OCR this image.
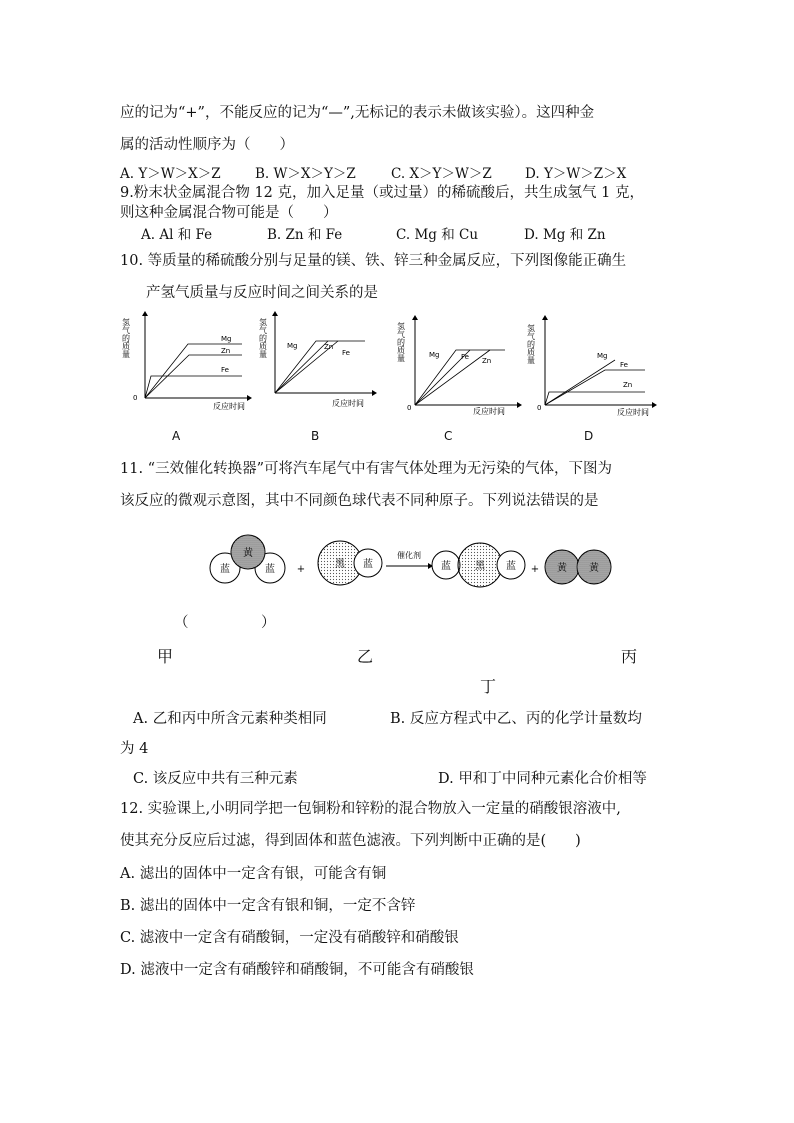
应的记为“+”，不能反应的记为“—”,无标记的表示未做该实验）。这四种金
属的活动性顺序为（　　）
A. Y＞W＞X＞Z	B. W＞X＞Y＞Z	C. X＞Y＞W＞Z D. Y＞W＞Z＞X
9.粉末状金属混合物 12 克，加入足量（或过量）的稀硫酸后，共生成氢气 1 克，
则这种金属混合物可能是（　　）
A. Al 和 Fe	B. Zn 和 Fe	C. Mg 和 Cu	D. Mg 和 Zn
10. 等质量的稀硫酸分别与足量的镁、铁、锌三种金属反应，下列图像能正确生
产氢气质量与反应时间之间关系的是
氢气的质量
0
反应时间
Mg
Zn
Fe
A
氢气的质量
反应时间
Mg	Zn
Fe
B
氢气的质量
0	反应时间
Mg	Fe Zn
C
氢气的质量
0	反应时间
Mg
Fe
Zn
D
11. “三效催化转换器”可将汽车尾气中有害气体处理为无污染的气体，下图为
该反应的微观示意图，其中不同颜色球代表不同种原子。下列说法错误的是
黄
蓝	蓝 +	黑 蓝
催化剂
蓝 黑 蓝 + 黄 黄
（　　　　　）
甲	乙	丙
丁
A. 乙和丙中所含元素种类相同	B. 反应方程式中乙、丙的化学计量数均
为 4
C. 该反应中共有三种元素	D. 甲和丁中同种元素化合价相等
12. 实验课上,小明同学把一包铜粉和锌粉的混合物放入一定量的硝酸银溶液中,
使其充分反应后过滤，得到固体和蓝色滤液。下列判断中正确的是(　　)
A. 滤出的固体中一定含有银，可能含有铜
B. 滤出的固体中一定含有银和铜，一定不含锌
C. 滤液中一定含有硝酸铜，一定没有硝酸锌和硝酸银
D. 滤液中一定含有硝酸锌和硝酸铜，不可能含有硝酸银
